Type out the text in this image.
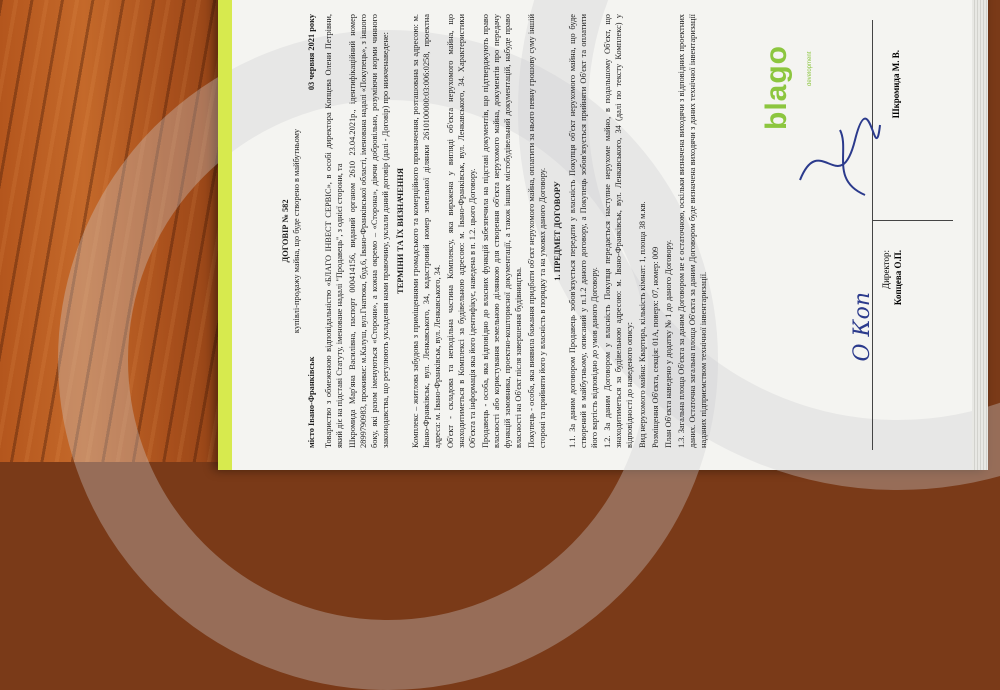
blago	development
ДОГОВІР № 582 купівлі-продажу майна, що буде створено в майбутньому
місто Івано-Франківськ
03 червня 2021 року Товариство з обмеженою відповідальністю «БЛАГО ІНВЕСТ СЕРВІС», в особі директора Копцева Олени Петрівни, який діє на підставі Статуту, іменоване надалі "Продавець", з однієї сторони, та Шкромида Мар'яна Василівна, паспорт 000414156, виданий органом 2610 23.04.2021р., ідентифікаційний номер 2899790983, проживає: м.Калуш, вул.Гнатюка, буд.6, Івано-Франківської області, іменована надалі «Покупець», з іншого боку, які разом іменуються «Сторони», а кожна окремо – «Сторона», діючи добровільно, розуміючи норми чинного законодавства, що регулюють укладення нами правочину, уклали даний договір (далі - Договір) про нижченаведене: ТЕРМІНИ ТА ЇХ ВИЗНАЧЕННЯ Комплекс – житлова забудова з приміщеннями громадського та комерційного призначення, розташована за адресою: м. Івано-Франківськ, вул. Ленкавського, 34, кадастровий номер земельної ділянки 2610100000:03:006:0258, проектна адреса: м. Івано-Франківськ, вул. Ленкавського, 34. Об'єкт - складова та неподільна частина Комплексу, яка виражена у вигляді об'єкта нерухомого майна, що знаходитиметься в Комплексі за будівельною адресою: м. Івано-Франківськ, вул. Ленкавського, 34. Характеристики Об'єкта та інформація яка його ідентифікує, наведена в п. 1.2. цього Договору. Продавець - особа, яка відповідно до власних функцій забезпечила на підставі документів, що підтверджують право власності або користування земельною ділянкою для створення об'єкта нерухомого майна, документів про передачу функцій замовника, проектно-кошторисної документації, а також інших містобудівельний документацій, набуде право власності на Об'єкт після завершення будівництва. Покупець - особа, яка виявила бажання придбати об'єкт нерухомого майна, оплатити за нього певну грошову суму іншій стороні та прийняти його у власність в порядку та на умовах даного Договору. 1. ПРЕДМЕТ ДОГОВОРУ 1.1. За даним договором Продавець зобов'язується передати у власність Покупця об'єкт нерухомого майна, що буде створений в майбутньому, описаний у п.1.2 даного договору, а Покупець зобов'язується прийняти Об'єкт та оплатити його вартість відповідно до умов даного Договору. 1.2. За даним Договором у власність Покупця передається наступне нерухоме майно, в подальшому Об'єкт, що знаходитиметься за будівельною адресою: м. Івано-Франківськ, вул. Ленкавського, 34 (далі по тексту Комплекс) у відповідності до наведеного опису: Вид нерухомого майна: Квартира, кількість кімнат: 1, площа 38 м.кв. Розміщення Об'єкта, секція: 01А, поверх: 07, номер: 009 План Об'єкта наведено у додатку № 1 до даного Договору. 1.3. Загальна площа Об'єкта за даним Договором не є остаточною, оскільки визначена виходячи з відповідних проектних даних. Остаточна загальна площа Об'єкта за даним Договором буде визначена виходячи з даних технічної інвентаризації наданих підприємством технічної інвентаризації.

Шкромида М. В.
Директор: Копцева О.П.
О Коп
